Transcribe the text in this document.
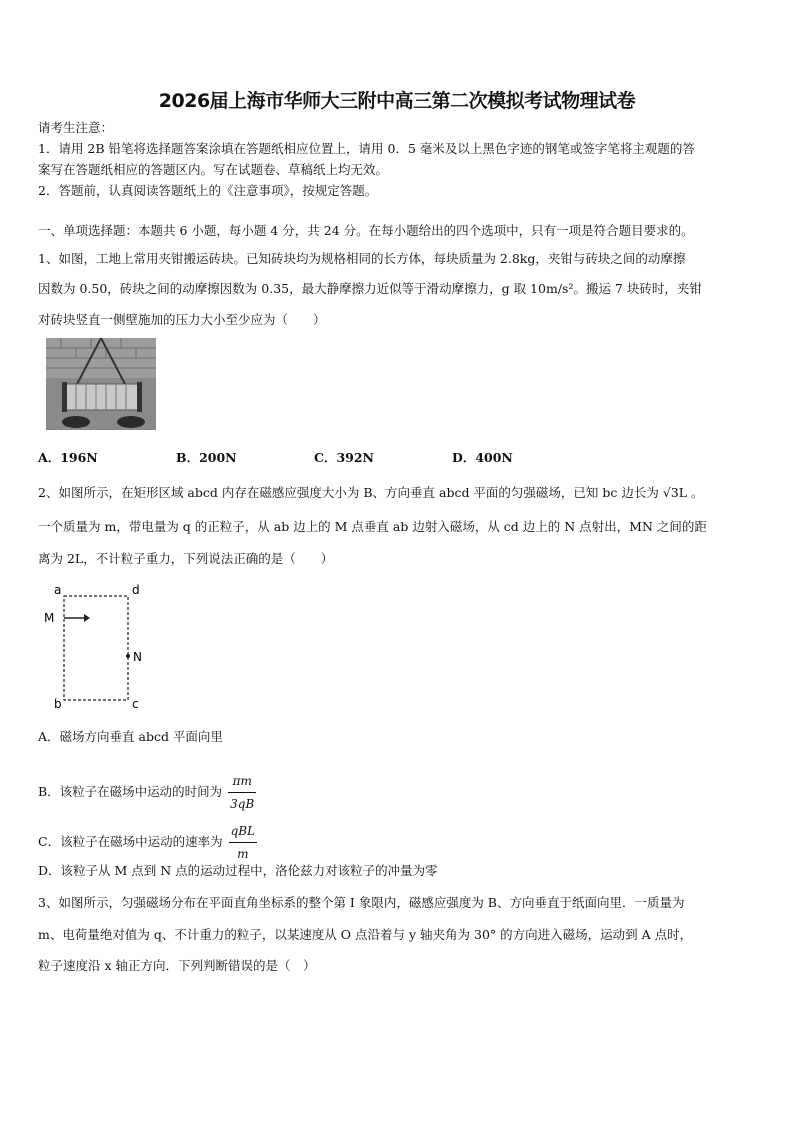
2026届上海市华师大三附中高三第二次模拟考试物理试卷
请考生注意：
1．请用 2B 铅笔将选择题答案涂填在答题纸相应位置上，请用 0．5 毫米及以上黑色字迹的钢笔或签字笔将主观题的答
案写在答题纸相应的答题区内。写在试题卷、草稿纸上均无效。
2．答题前，认真阅读答题纸上的《注意事项》，按规定答题。
一、单项选择题：本题共 6 小题，每小题 4 分，共 24 分。在每小题给出的四个选项中，只有一项是符合题目要求的。
1、如图，工地上常用夹钳搬运砖块。已知砖块均为规格相同的长方体，每块质量为 2.8kg，夹钳与砖块之间的动摩擦
因数为 0.50，砖块之间的动摩擦因数为 0.35，最大静摩擦力近似等于滑动摩擦力，g 取 10m/s²。搬运 7 块砖时，夹钳
对砖块竖直一侧壁施加的压力大小至少应为（　　）
A．196N	B．200N	C．392N	D．400N
2、如图所示，在矩形区域 abcd 内存在磁感应强度大小为 B、方向垂直 abcd 平面的匀强磁场，已知 bc 边长为 √3L 。
一个质量为 m，带电量为 q 的正粒子，从 ab 边上的 M 点垂直 ab 边射入磁场，从 cd 边上的 N 点射出，MN 之间的距
离为 2L，不计粒子重力，下列说法正确的是（　　）
a	d
b	c
M
N
A．磁场方向垂直 abcd 平面向里
B．该粒子在磁场中运动的时间为 $\frac{\pi m}{3qB}$
C．该粒子在磁场中运动的速率为 $\frac{\text{qBL}}{m}$
D．该粒子从 M 点到 N 点的运动过程中，洛伦兹力对该粒子的冲量为零
3、如图所示，匀强磁场分布在平面直角坐标系的整个第 I 象限内，磁感应强度为 B、方向垂直于纸面向里．一质量为
m、电荷量绝对值为 q、不计重力的粒子，以某速度从 O 点沿着与 y 轴夹角为 30° 的方向进入磁场，运动到 A 点时，
粒子速度沿 x 轴正方向．下列判断错误的是（　）
